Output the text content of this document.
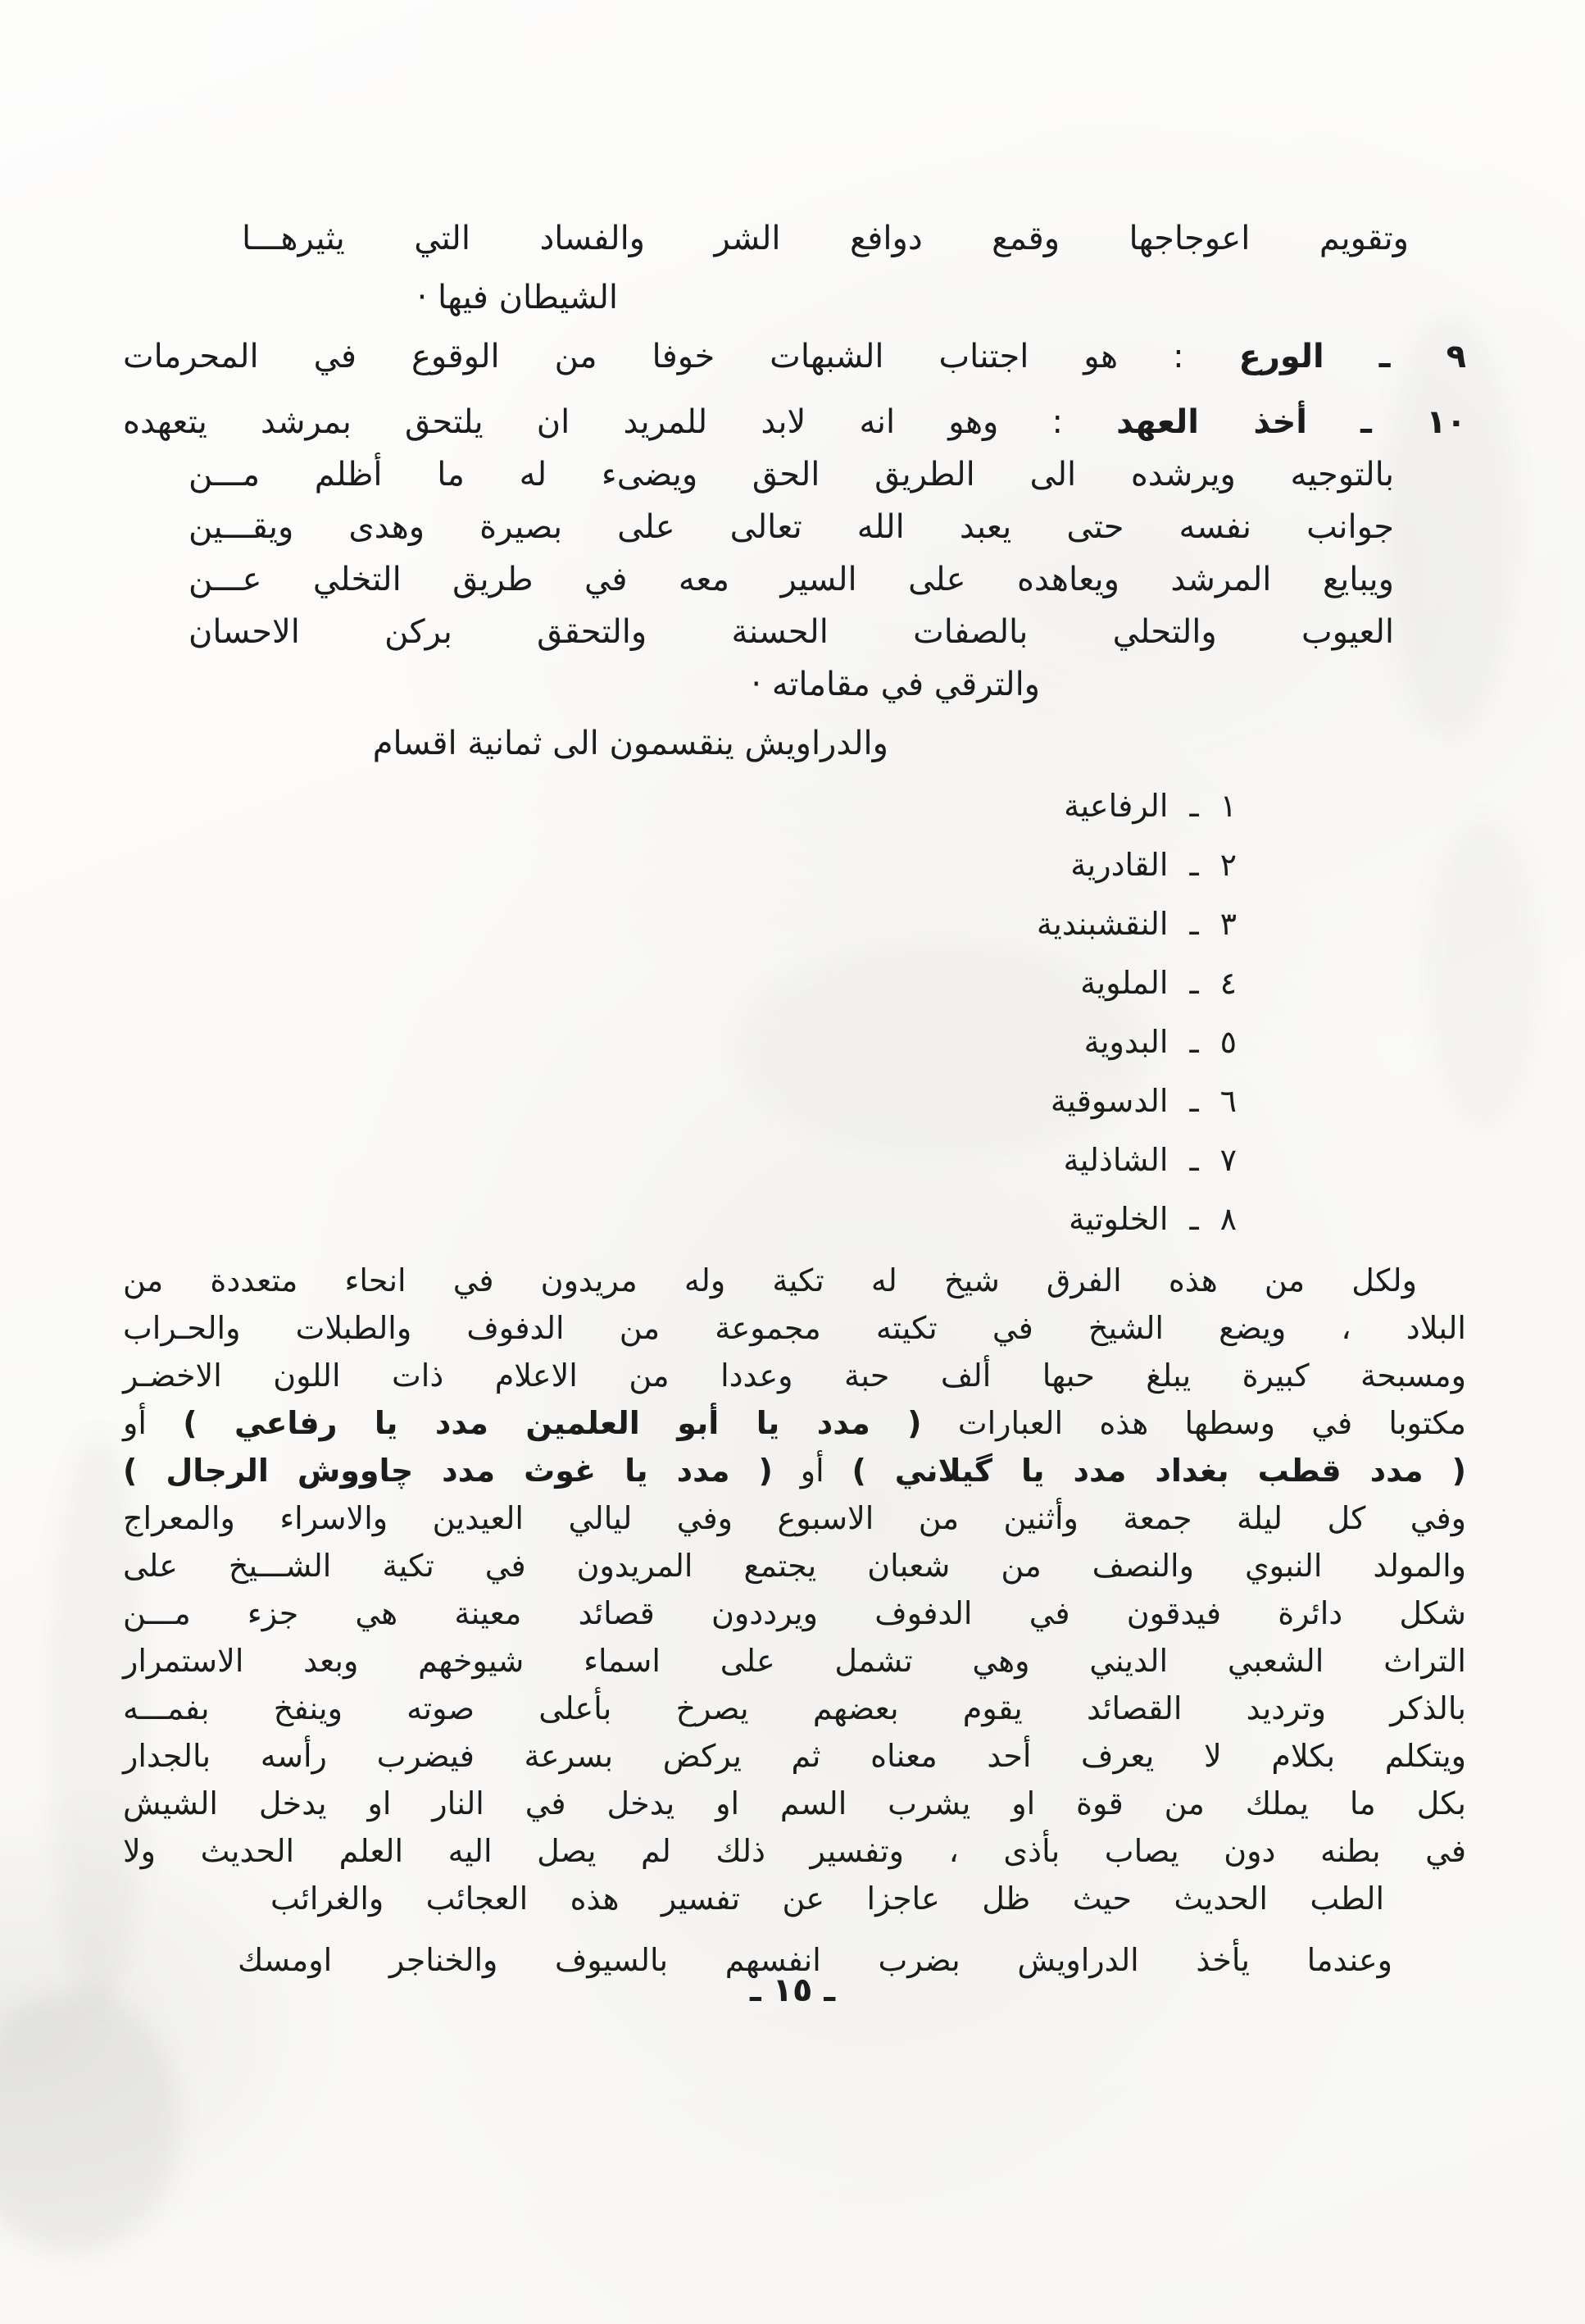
وتقويم اعوجاجها وقمع دوافع الشر والفساد التي يثيرهـــا
الشيطان فيها ·
٩ ـ الورع : هو اجتناب الشبهات خوفا من الوقوع في المحرمات
١٠ ـ أخذ العهد : وهو انه لابد للمريد ان يلتحق بمرشد يتعهده
بالتوجيه ويرشده الى الطريق الحق ويضىء له ما أظلم مـــن
جوانب نفسه حتى يعبد الله تعالى على بصيرة وهدى ويقـــين
ويبايع المرشد ويعاهده على السير معه في طريق التخلي عـــن
العيوب والتحلي بالصفات الحسنة والتحقق بركن الاحسان
والترقي في مقاماته ·
والدراويش ينقسمون الى ثمانية اقسام
١ـالرفاعية
٢ـالقادرية
٣ـالنقشبندية
٤ـالملوية
٥ـالبدوية
٦ـالدسوقية
٧ـالشاذلية
٨ـالخلوتية
ولكل من هذه الفرق شيخ له تكية وله مريدون في انحاء متعددة من
البلاد ، ويضع الشيخ في تكيته مجموعة من الدفوف والطبلات والحـراب
ومسبحة كبيرة يبلغ حبها ألف حبة وعددا من الاعلام ذات اللون الاخضـر
مكتوبا في وسطها هذه العبارات ( مدد يا أبو العلمين مدد يا رفاعي ) أو
( مدد قطب بغداد مدد يا گيلاني ) أو ( مدد يا غوث مدد چاووش الرجال )
وفي كل ليلة جمعة وأثنين من الاسبوع وفي ليالي العيدين والاسراء والمعراج
والمولد النبوي والنصف من شعبان يجتمع المريدون في تكية الشـــيخ على
شكل دائرة فيدقون في الدفوف ويرددون قصائد معينة هي جزء مـــن
التراث الشعبي الديني وهي تشمل على اسماء شيوخهم وبعد الاستمرار
بالذكر وترديد القصائد يقوم بعضهم يصرخ بأعلى صوته وينفخ بفمـــه
ويتكلم بكلام لا يعرف أحد معناه ثم يركض بسرعة فيضرب رأسه بالجدار
بكل ما يملك من قوة او يشرب السم او يدخل في النار او يدخل الشيش
في بطنه دون يصاب بأذى ، وتفسير ذلك لم يصل اليه العلم الحديث ولا
الطب الحديث حيث ظل عاجزا عن تفسير هذه العجائب والغرائب
وعندما يأخذ الدراويش بضرب انفسهم بالسيوف والخناجر اومسك
ـ ١٥ ـ
